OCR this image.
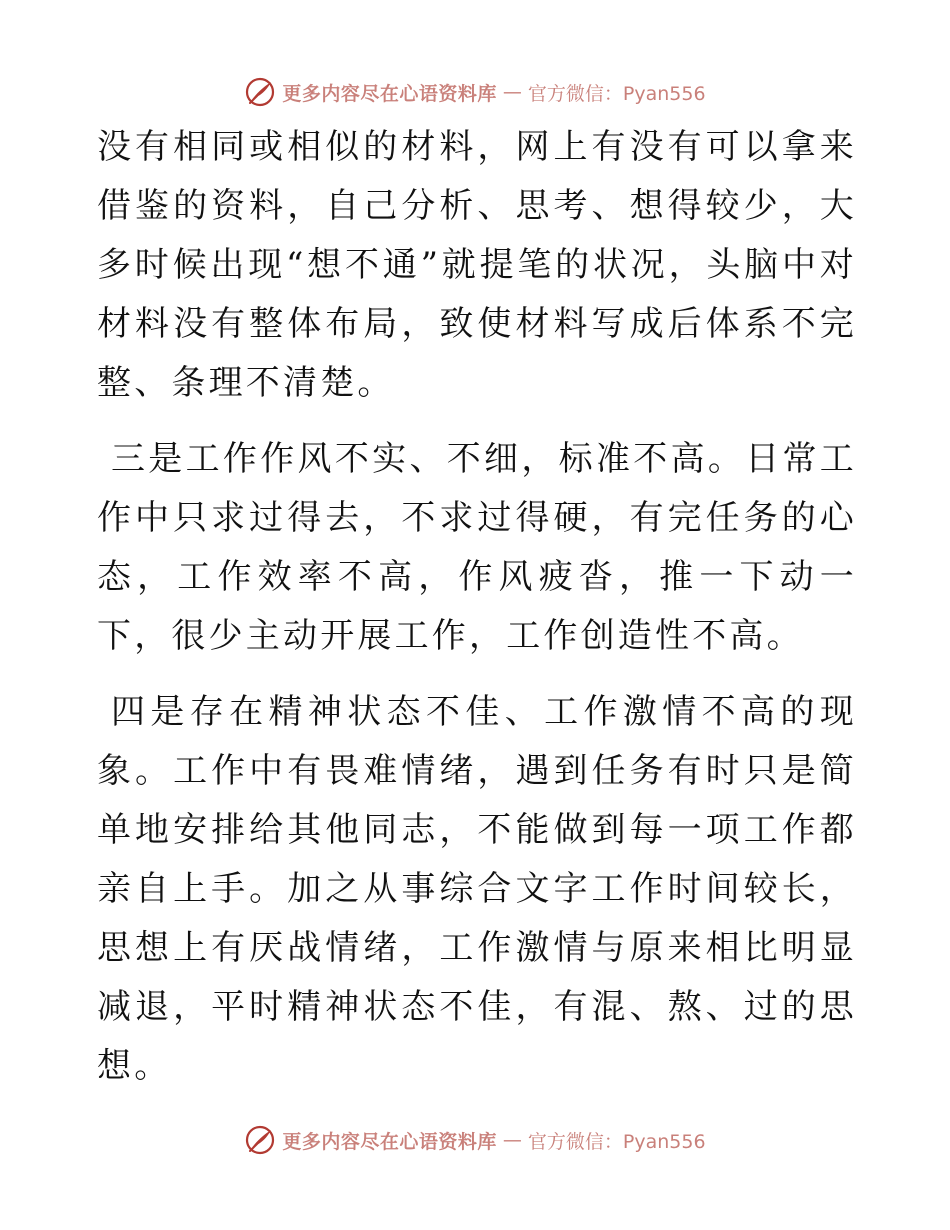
更多内容尽在心语资料库 — 官方微信：Pyan556

没有相同或相似的材料，网上有没有可以拿来借鉴的资料，自己分析、思考、想得较少，大多时候出现“想不通”就提笔的状况，头脑中对材料没有整体布局，致使材料写成后体系不完整、条理不清楚。

三是工作作风不实、不细，标准不高。日常工作中只求过得去，不求过得硬，有完任务的心态，工作效率不高，作风疲沓，推一下动一下，很少主动开展工作，工作创造性不高。

四是存在精神状态不佳、工作激情不高的现象。工作中有畏难情绪，遇到任务有时只是简单地安排给其他同志，不能做到每一项工作都亲自上手。加之从事综合文字工作时间较长，思想上有厌战情绪，工作激情与原来相比明显减退，平时精神状态不佳，有混、熬、过的思想。

更多内容尽在心语资料库 — 官方微信：Pyan556
